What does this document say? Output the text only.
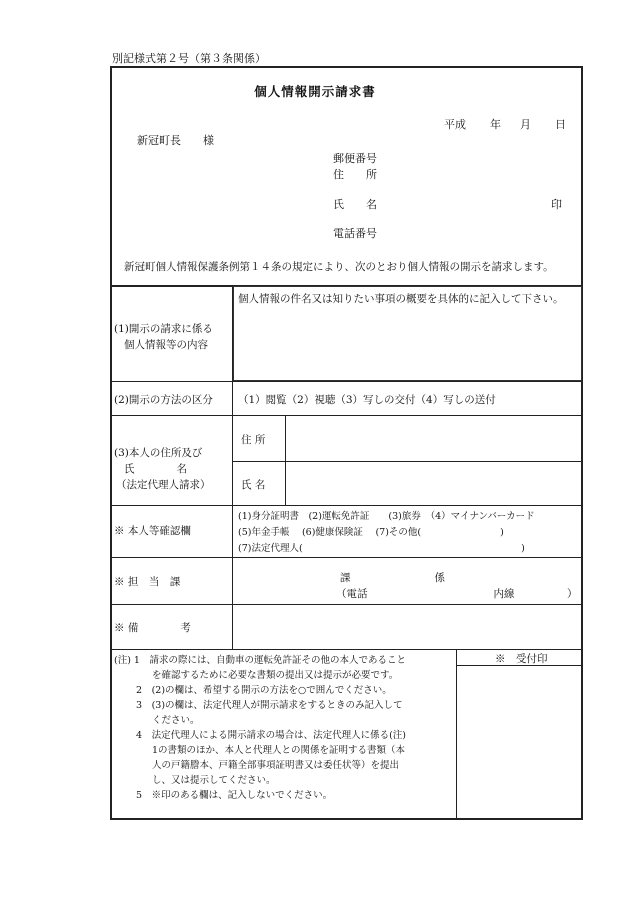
別記様式第２号（第３条関係）
個人情報開示請求書
平成 年 月 日
新冠町長　　様
郵便番号
住　　所
氏　　名	印
電話番号
新冠町個人情報保護条例第１４条の規定により、次のとおり個人情報の開示を請求します。
個人情報の件名又は知りたい事項の概要を具体的に記入して下さい。
(1)開示の請求に係る
個人情報等の内容
(2)開示の方法の区分 （1）閲覧（2）視聴（3）写しの交付（4）写しの送付
(3)本人の住所及び
氏　　　　名
（法定代理人請求）
住 所
氏 名
※ 本人等確認欄
(1)身分証明書　(2)運転免許証　　(3)旅券　（4）マイナンバーカード
(5)年金手帳　 (6)健康保険証　 (7)その他(　　　　　　　　 )
(7)法定代理人(　　　　　　　　　　　　　　　　　　　　　　　)
※ 担　当　課	課　　　　　　　　係
（電話　　　　　　　　　　　　内線　　　　　）
※ 備　　　　考
※　受付印
(注) 1　請求の際には、自動車の運転免許証その他の本人であること
　　　　を確認するために必要な書類の提出又は提示が必要です。
　　 2　(2)の欄は、希望する開示の方法を○で囲んでください。
　　 3　(3)の欄は、法定代理人が開示請求をするときのみ記入して
　　　　ください。
　　 4　法定代理人による開示請求の場合は、法定代理人に係る(注)
　　　　1の書類のほか、本人と代理人との関係を証明する書類（本
　　　　人の戸籍謄本、戸籍全部事項証明書又は委任状等）を提出
　　　　し、又は提示してください。
　　 5　※印のある欄は、記入しないでください。
